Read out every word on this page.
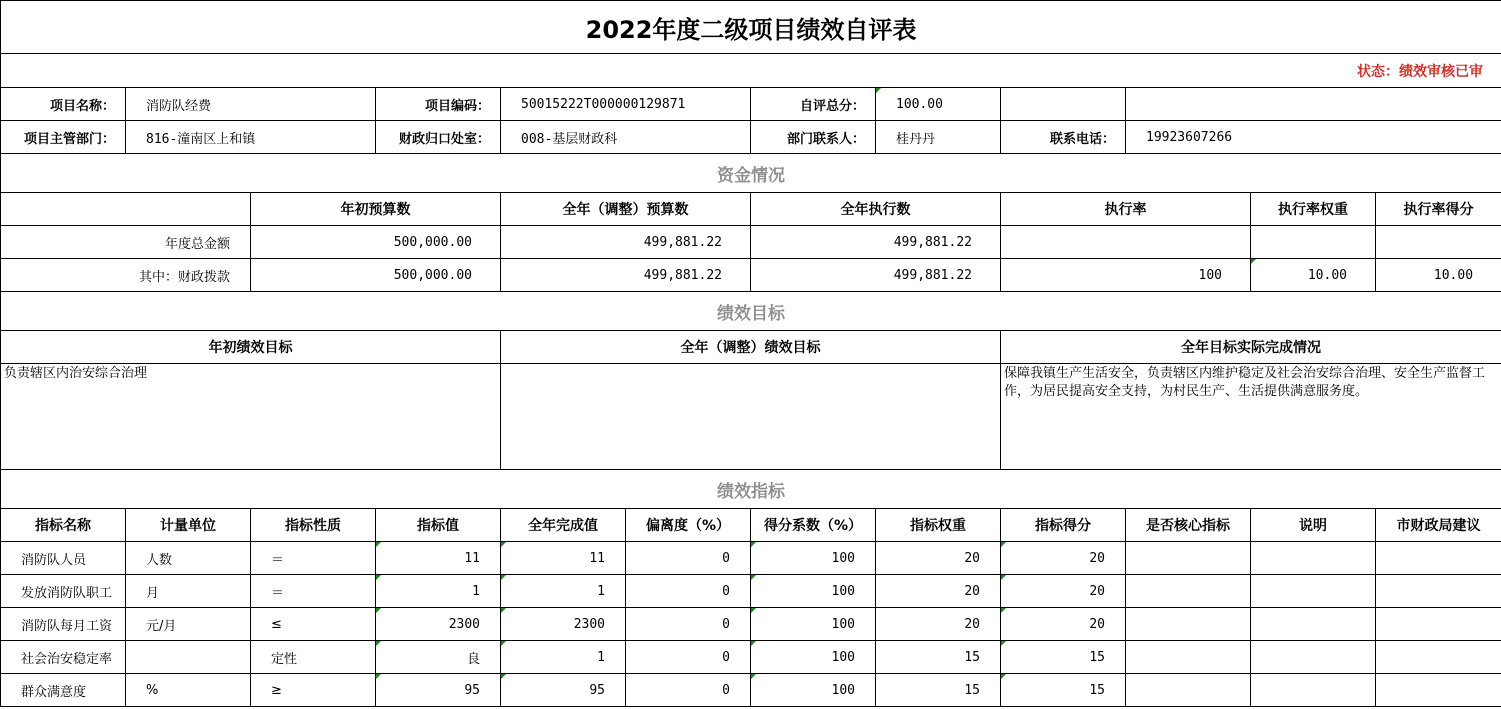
2022年度二级项目绩效自评表											
状态：绩效审核已审											
项目名称：	消防队经费		项目编码：	50015222T000000129871		自评总分：	100.00				
项目主管部门：	816-潼南区上和镇		财政归口处室：	008-基层财政科		部门联系人：	桂丹丹	联系电话：	19923607266		
资金情况											
		年初预算数		全年（调整）预算数		全年执行数		执行率		执行率权重	执行率得分
年度总金额		500,000.00		499,881.22		499,881.22					
其中：财政拨款		500,000.00		499,881.22		499,881.22		100		10.00	10.00
绩效目标											
年初绩效目标				全年（调整）绩效目标				全年目标实际完成情况			
负责辖区内治安综合治理								保障我镇生产生活安全，负责辖区内维护稳定及社会治安综合治理、安全生产监督工作，为居民提高安全支持，为村民生产、生活提供满意服务度。			
绩效指标											
指标名称	计量单位	指标性质	指标值	全年完成值	偏离度（%）	得分系数（%）	指标权重	指标得分	是否核心指标	说明	市财政局建议
消防队人员	人数	＝	11	11	0	100	20	20			
发放消防队职工	月	＝	1	1	0	100	20	20			
消防队每月工资	元/月	≤	2300	2300	0	100	20	20			
社会治安稳定率		定性	良	1	0	100	15	15			
群众满意度	%	≥	95	95	0	100	15	15			
